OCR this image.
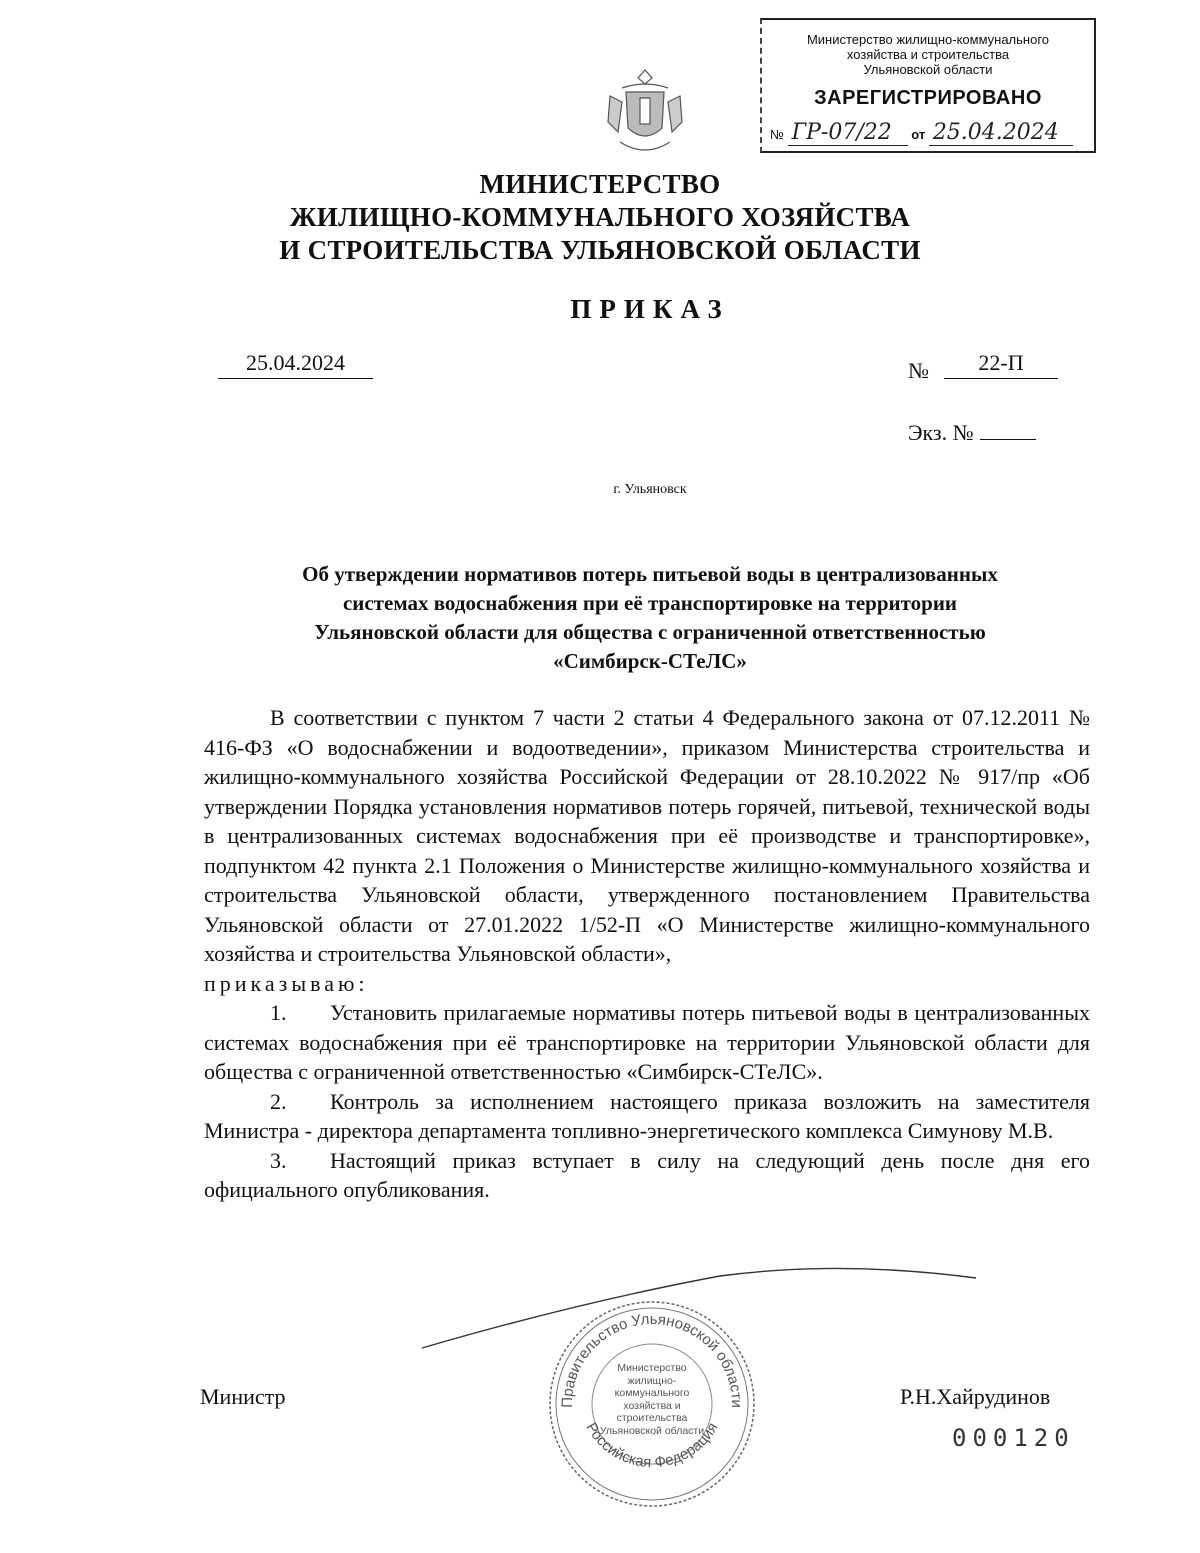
Министерство жилищно-коммунального
хозяйства и строительства
Ульяновской области
ЗАРЕГИСТРИРОВАНО
№ ГР-07/22 от 25.04.2024
МИНИСТЕРСТВО
ЖИЛИЩНО-КОММУНАЛЬНОГО ХОЗЯЙСТВА
И СТРОИТЕЛЬСТВА УЛЬЯНОВСКОЙ ОБЛАСТИ
ПРИКАЗ
25.04.2024	№	22-П
Экз. №
г. Ульяновск
Об утверждении нормативов потерь питьевой воды в централизованных
системах водоснабжения при её транспортировке на территории
Ульяновской области для общества с ограниченной ответственностью
«Симбирск-СТеЛС»

В соответствии с пунктом 7 части 2 статьи 4 Федерального закона от 07.12.2011 № 416-ФЗ «О водоснабжении и водоотведении», приказом Министерства строительства и жилищно-коммунального хозяйства Российской Федерации от 28.10.2022 № 917/пр «Об утверждении Порядка установления нормативов потерь горячей, питьевой, технической воды в централизованных системах водоснабжения при её производстве и транспортировке», подпунктом 42 пункта 2.1 Положения о Министерстве жилищно-коммунального хозяйства и строительства Ульяновской области, утвержденного постановлением Правительства Ульяновской области от 27.01.2022 1/52-П «О Министерстве жилищно-коммунального хозяйства и строительства Ульяновской области»,

приказываю:

1. Установить прилагаемые нормативы потерь питьевой воды в централизованных системах водоснабжения при её транспортировке на территории Ульяновской области для общества с ограниченной ответственностью «Симбирск-СТеЛС».

2. Контроль за исполнением настоящего приказа возложить на заместителя Министра - директора департамента топливно-энергетического комплекса Симунову М.В.

3. Настоящий приказ вступает в силу на следующий день после дня его официального опубликования.

Правительство Ульяновской области
Российская Федерация
Министерство жилищно-коммунального хозяйства и строительства Ульяновской области
Министр	Р.Н.Хайрудинов
000120
